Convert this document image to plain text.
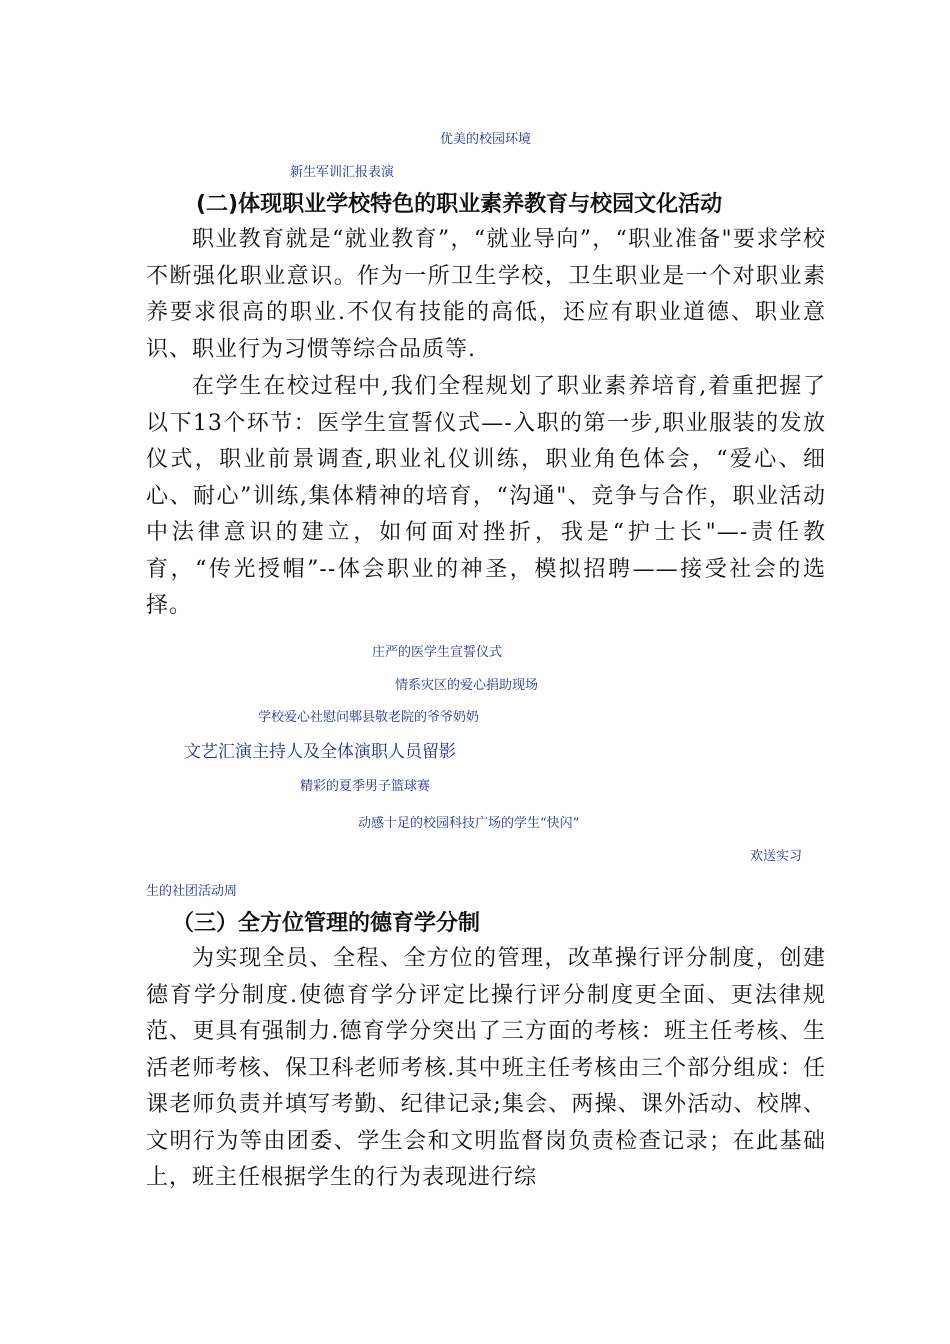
优美的校园环境
新生军训汇报表演
(二)体现职业学校特色的职业素养教育与校园文化活动

职业教育就是“就业教育”，“就业导向”，“职业准备"要求学校不断强化职业意识。作为一所卫生学校，卫生职业是一个对职业素养要求很高的职业.不仅有技能的高低，还应有职业道德、职业意识、职业行为习惯等综合品质等.

在学生在校过程中,我们全程规划了职业素养培育,着重把握了以下13个环节：医学生宣誓仪式—-入职的第一步,职业服装的发放仪式，职业前景调查,职业礼仪训练，职业角色体会，“爱心、细心、耐心”训练,集体精神的培育，“沟通"、竞争与合作，职业活动中法律意识的建立，如何面对挫折，我是“护士长"—-责任教育，“传光授帽”--体会职业的神圣，模拟招聘——接受社会的选择。

庄严的医学生宣誓仪式
情系灾区的爱心捐助现场
学校爱心社慰问郫县敬老院的爷爷奶奶
文艺汇演主持人及全体演职人员留影
精彩的夏季男子篮球赛
动感十足的校园科技广场的学生“快闪”
欢送实习
生的社团活动周
（三）全方位管理的德育学分制

为实现全员、全程、全方位的管理，改革操行评分制度，创建德育学分制度.使德育学分评定比操行评分制度更全面、更法律规范、更具有强制力.德育学分突出了三方面的考核：班主任考核、生活老师考核、保卫科老师考核.其中班主任考核由三个部分组成：任课老师负责并填写考勤、纪律记录;集会、两操、课外活动、校牌、文明行为等由团委、学生会和文明监督岗负责检查记录；在此基础上，班主任根据学生的行为表现进行综
